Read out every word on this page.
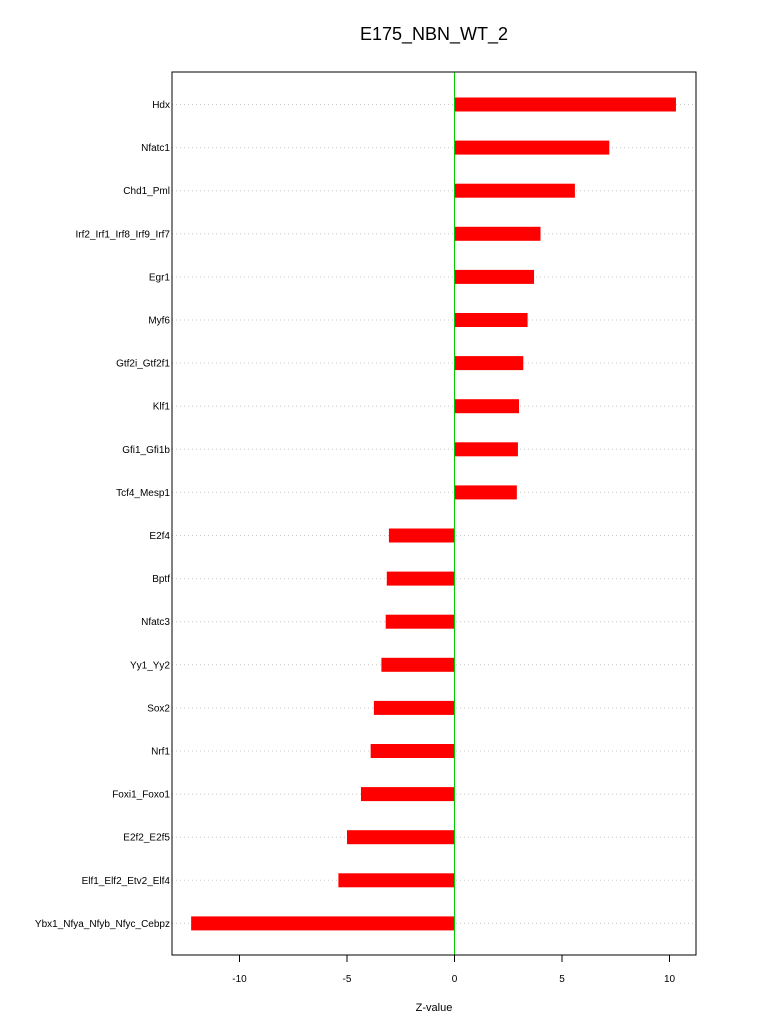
E175_NBN_WT_2
Hdx
Nfatc1
Chd1_Pml
Irf2_Irf1_Irf8_Irf9_Irf7
Egr1
Myf6
Gtf2i_Gtf2f1
Klf1
Gfi1_Gfi1b
Tcf4_Mesp1
E2f4
Bptf
Nfatc3
Yy1_Yy2
Sox2
Nrf1
Foxi1_Foxo1
E2f2_E2f5
Elf1_Elf2_Etv2_Elf4
Ybx1_Nfya_Nfyb_Nfyc_Cebpz
-10	-5	0	5	10
Z-value
